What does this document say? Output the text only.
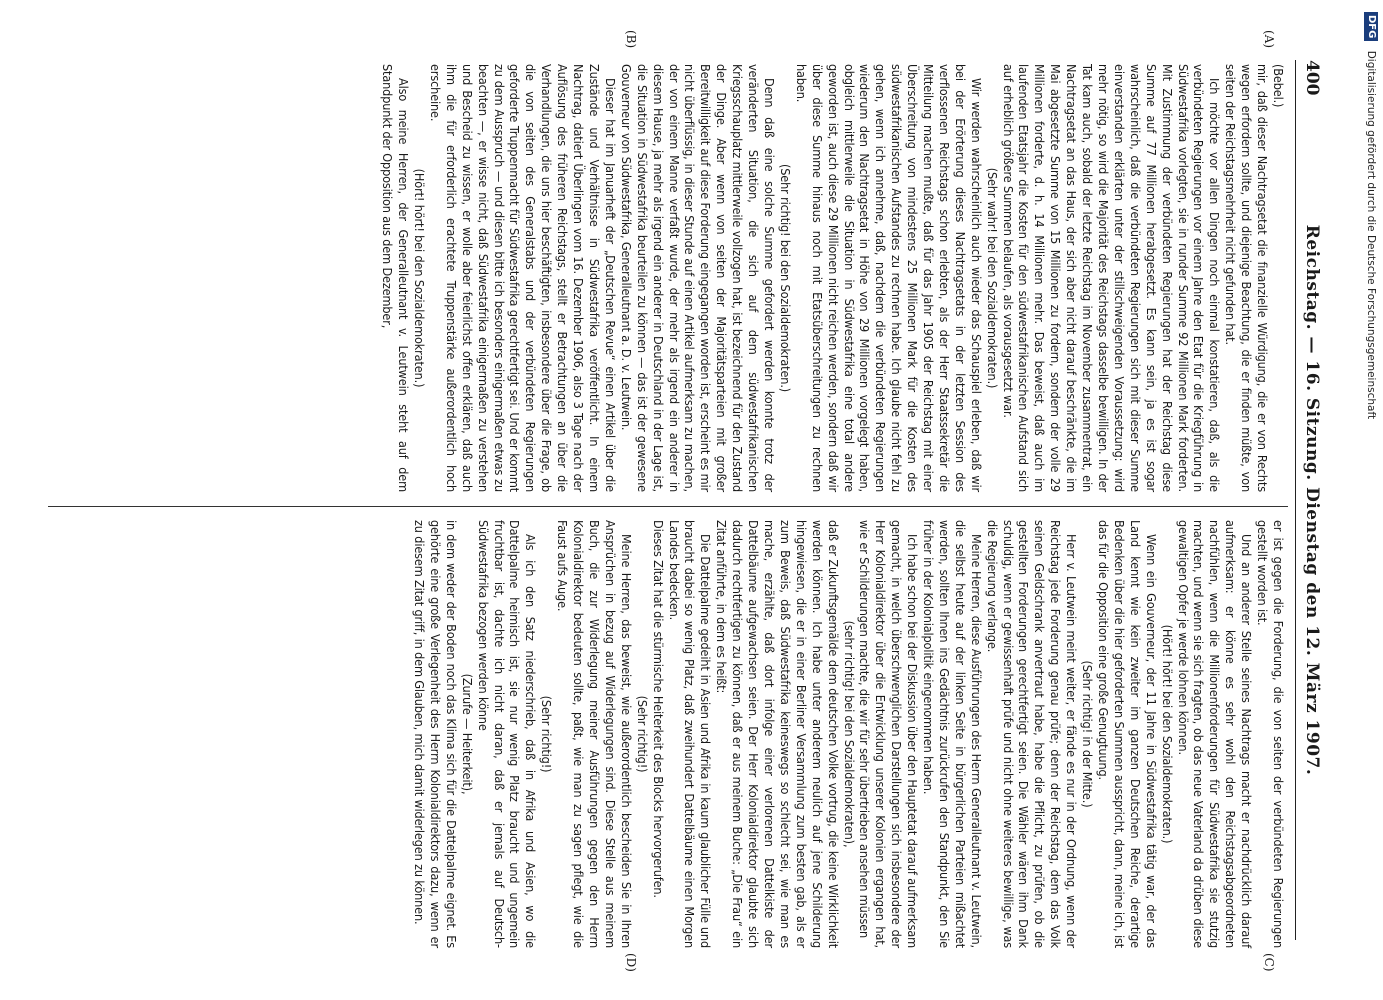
400
Reichstag. — 16. Sitzung. Dienstag den 12. März 1907.
(A)
(B)
(C)
(D)

(Bebel.)

mir, daß dieser Nachtragsetat die finanzielle Würdigung, die er von Rechts wegen erfordern sollte, und diejenige Beachtung, die er finden müßte, von seiten der Reichstagsmehrheit nicht gefunden hat.

Ich möchte vor allen Dingen noch einmal konstatieren, daß, als die verbündeten Regierungen vor einem Jahre den Etat für die Kriegführung in Südwestafrika vorlegten, sie in runder Summe 92 Millionen Mark forderten. Mit Zustimmung der verbündeten Regierungen hat der Reichstag diese Summe auf 77 Millionen herabgesetzt. Es kann sein, ja es ist sogar wahrscheinlich, daß die verbündeten Regierungen sich mit dieser Summe einverstanden erklärten unter der stillschweigenden Voraussetzung: wird mehr nötig, so wird die Majorität des Reichstags dasselbe bewilligen. In der Tat kam auch, sobald der letzte Reichstag im November zusammentrat, ein Nachtragsetat an das Haus, der sich aber nicht darauf beschränkte, die im Mai abgesetzte Summe von 15 Millionen zu fordern, sondern der volle 29 Millionen forderte, d. h. 14 Millionen mehr. Das beweist, daß auch im laufenden Etatsjahr die Kosten für den südwestafrikanischen Aufstand sich auf erheblich größere Summen belaufen, als vorausgesetzt war.

(Sehr wahr! bei den Sozialdemokraten.)

Wir werden wahrscheinlich auch wieder das Schauspiel erleben, daß wir bei der Erörterung dieses Nachtragsetats in der letzten Session des verflossenen Reichstags schon erlebten, als der Herr Staatssekretär die Mitteilung machen mußte, daß für das Jahr 1905 der Reichstag mit einer Überschreitung von mindestens 25 Millionen Mark für die Kosten des südwestafrikanischen Aufstandes zu rechnen habe. Ich glaube nicht fehl zu gehen, wenn ich annehme, daß, nachdem die verbündeten Regierungen wiederum den Nachtragsetat in Höhe von 29 Millionen vorgelegt haben, obgleich mittlerweile die Situation in Südwestafrika eine total andere geworden ist, auch diese 29 Millionen nicht reichen werden, sondern daß wir über diese Summe hinaus noch mit Etatsüberschreitungen zu rechnen haben.

(Sehr richtig! bei den Sozialdemokraten.)

Denn daß eine solche Summe gefordert werden konnte trotz der veränderten Situation, die sich auf dem südwestafrikanischen Kriegsschauplatz mittlerweile vollzogen hat, ist bezeichnend für den Zustand der Dinge. Aber wenn von seiten der Majoritätsparteien mit großer Bereitwilligkeit auf diese Forderung eingegangen worden ist, erscheint es mir nicht überflüssig, in dieser Stunde auf einen Artikel aufmerksam zu machen, der von einem Manne verfaßt wurde, der mehr als irgend ein anderer in diesem Hause, ja mehr als irgend ein anderer in Deutschland in der Lage ist, die Situation in Südwestafrika beurteilen zu können — das ist der gewesene Gouverneur von Südwestafrika, Generalleutnant a. D. v. Leutwein.

Dieser hat im Januarheft der „Deutschen Revue“ einen Artikel über die Zustände und Verhältnisse in Südwestafrika veröffentlicht. In einem Nachtrag, datiert Überlingen vom 16. Dezember 1906, also 3 Tage nach der Auflösung des früheren Reichstags, stellt er Betrachtungen an über die Verhandlungen, die uns hier beschäftigten, insbesondere über die Frage, ob die von seiten des Generalstabs und der verbündeten Regierungen geforderte Truppenmacht für Südwestafrika gerechtfertigt sei. Und er kommt zu dem Ausspruch — und diesen bitte ich besonders einigermaßen etwas zu beachten —, er wisse nicht, daß Südwestafrika einigermaßen zu verstehen und Bescheid zu wissen, er wolle aber feierlichst offen erklären, daß auch ihm die für erforderlich erachtete Truppenstärke außerordentlich hoch erscheine.

(Hört! hört! bei den Sozialdemokraten.)

Also meine Herren, der Generalleutnant v. Leutwein steht auf dem Standpunkt der Opposition aus dem Dezember,

er ist gegen die Forderung, die von seiten der verbündeten Regierungen gestellt worden ist.

Und an anderer Stelle seines Nachtrags macht er nachdrücklich darauf aufmerksam: er könne es sehr wohl den Reichstagsabgeordneten nachfühlen, wenn die Millionenforderungen für Südwestafrika sie stutzig machten, und wenn sie sich fragten, ob das neue Vaterland da drüben diese gewaltigen Opfer je werde lohnen können.

(Hört! hört! bei den Sozialdemokraten.)

Wenn ein Gouverneur, der 11 Jahre in Südwestafrika tätig war, der das Land kennt wie kein zweiter im ganzen Deutschen Reiche, derartige Bedenken über die hier geforderten Summen ausspricht, dann, meine ich, ist das für die Opposition eine große Genugtuung.

(Sehr richtig! in der Mitte.)

Herr v. Leutwein meint weiter, er fände es nur in der Ordnung, wenn der Reichstag jede Forderung genau prüfe; denn der Reichstag, dem das Volk seinen Geldschrank anvertraut habe, habe die Pflicht, zu prüfen, ob die gestellten Forderungen gerechtfertigt seien. Die Wähler wären ihm Dank schuldig, wenn er gewissenhaft prüfe und nicht ohne weiteres bewillige, was die Regierung verlange.

Meine Herren, diese Ausführungen des Herrn Generalleutnant v. Leutwein, die selbst heute auf der linken Seite in bürgerlichen Parteien mißachtet werden, sollten Ihnen ins Gedächtnis zurückrufen den Standpunkt, den Sie früher in der Kolonialpolitik eingenommen haben.

Ich habe schon bei der Diskussion über den Hauptetat darauf aufmerksam gemacht, in welch überschwenglichen Darstellungen sich insbesondere der Herr Kolonialdirektor über die Entwicklung unserer Kolonien ergangen hat, wie er Schilderungen machte, die wir für sehr übertrieben ansehen müssen

(sehr richtig! bei den Sozialdemokraten),

daß er Zukunftsgemälde dem deutschen Volke vortrug, die keine Wirklichkeit werden können. Ich habe unter anderem neulich auf jene Schilderung hingewiesen, die er in einer Berliner Versammlung zum besten gab, als er zum Beweis, daß Südwestafrika keineswegs so schlecht sei, wie man es mache, erzählte, daß dort infolge einer verlorenen Dattelkiste der Dattelbäume aufgewachsen seien. Der Herr Kolonialdirektor glaubte sich dadurch rechtfertigen zu können, daß er aus meinem Buche: „Die Frau“ ein Zitat anführte, in dem es heißt:

Die Dattelpalme gedeiht in Asien und Afrika in kaum glaublicher Fülle und braucht dabei so wenig Platz, daß zweihundert Dattelbäume einen Morgen Landes bedecken.

Dieses Zitat hat die stürmische Heiterkeit des Blocks hervorgerufen.

(Sehr richtig!)

Meine Herren, das beweist, wie außerordentlich bescheiden Sie in Ihren Ansprüchen in bezug auf Widerlegungen sind. Diese Stelle aus meinem Buch, die zur Widerlegung meiner Ausführungen gegen den Herrn Kolonialdirektor bedeuten sollte, paßt, wie man zu sagen pflegt, wie die Faust aufs Auge.

(Sehr richtig!)

Als ich den Satz niederschrieb, daß in Afrika und Asien, wo die Dattelpalme heimisch ist, sie nur wenig Platz braucht und ungemein fruchtbar ist, dachte ich nicht daran, daß er jemals auf Deutsch-Südwestafrika bezogen werden könne

(Zurufe — Heiterkeit),

in dem weder der Boden noch das Klima sich für die Dattelpalme eignet. Es gehörte eine große Verlegenheit des Herrn Kolonialdirektors dazu, wenn er zu diesem Zitat griff, in dem Glauben, mich damit widerlegen zu können.

DFG Digitalisierung gefördert durch die Deutsche Forschungsgemeinschaft
